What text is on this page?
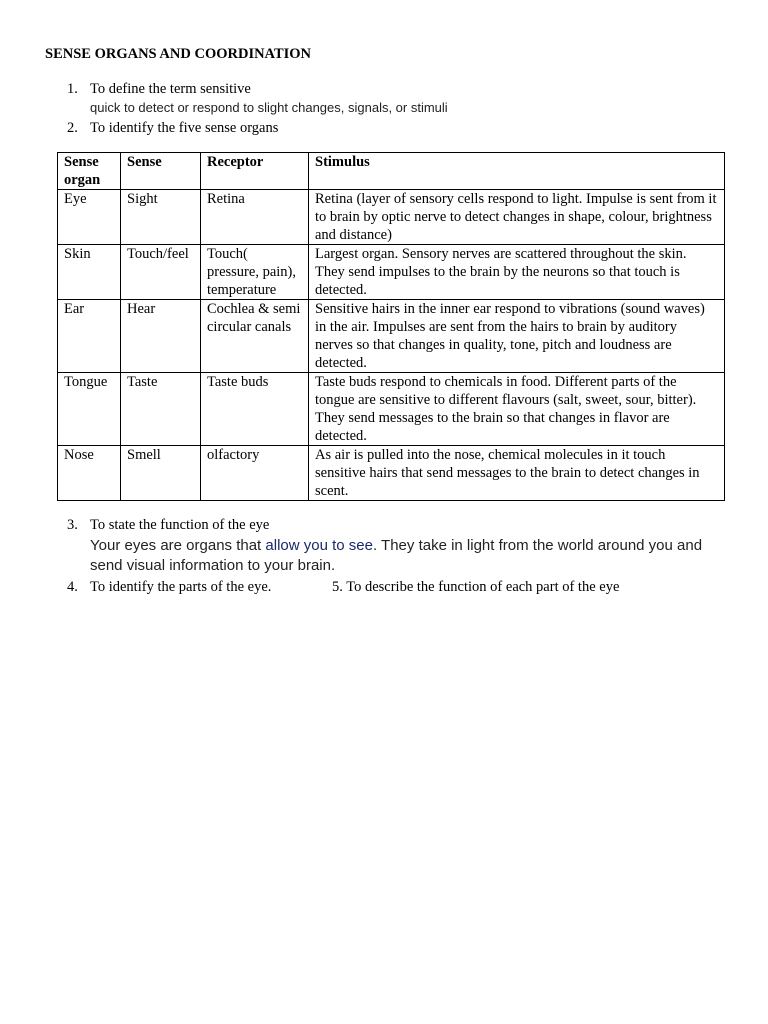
SENSE ORGANS AND COORDINATION
1. To define the term sensitive
quick to detect or respond to slight changes, signals, or stimuli
2. To identify the five sense organs
Sense organ	Sense	Receptor	Stimulus
Eye	Sight	Retina	Retina (layer of sensory cells respond to light. Impulse is sent from it to brain by optic nerve to detect changes in shape, colour, brightness and distance)
Skin	Touch/feel	Touch( pressure, pain), temperature	Largest organ. Sensory nerves are scattered throughout the skin. They send impulses to the brain by the neurons so that touch is detected.
Ear	Hear	Cochlea & semi circular canals	Sensitive hairs in the inner ear respond to vibrations (sound waves) in the air. Impulses are sent from the hairs to brain by auditory nerves so that changes in quality, tone, pitch and loudness are detected.
Tongue	Taste	Taste buds	Taste buds respond to chemicals in food. Different parts of the tongue are sensitive to different flavours (salt, sweet, sour, bitter). They send messages to the brain so that changes in flavor are detected.
Nose	Smell	olfactory	As air is pulled into the nose, chemical molecules in it touch sensitive hairs that send messages to the brain to detect changes in scent.
3. To state the function of the eye
Your eyes are organs that allow you to see. They take in light from the world around you and
send visual information to your brain.
4. To identify the parts of the eye.	5. To describe the function of each part of the eye
